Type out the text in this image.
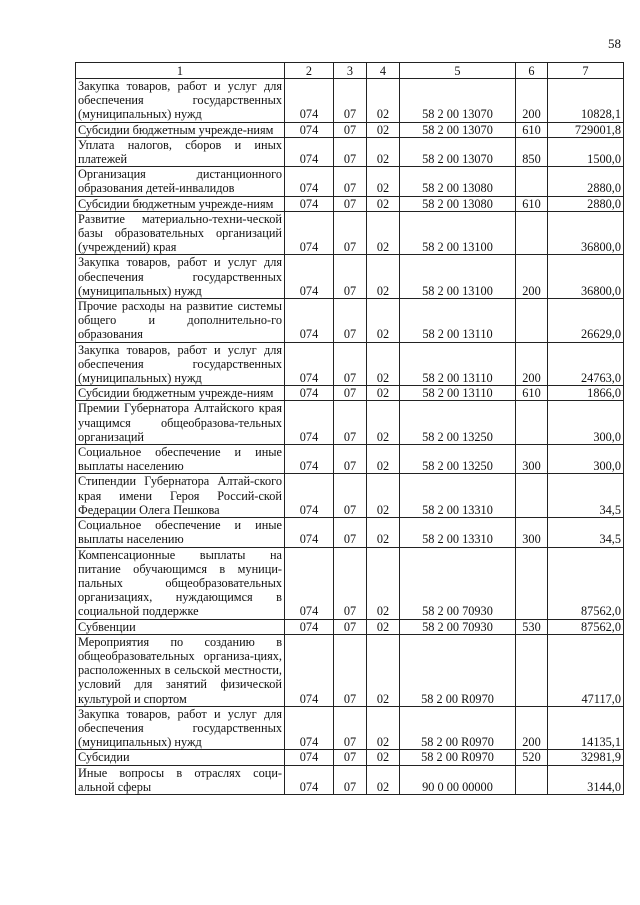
58
1	2	3	4	5	6	7
Закупка товаров, работ и услуг для обеспечения государственных (муниципальных) нужд	074	07	02	58 2 00 13070	200	10828,1
Субсидии бюджетным учрежде-ниям	074	07	02	58 2 00 13070	610	729001,8
Уплата налогов, сборов и иных платежей	074	07	02	58 2 00 13070	850	1500,0
Организация дистанционного образования детей-инвалидов	074	07	02	58 2 00 13080		2880,0
Субсидии бюджетным учрежде-ниям	074	07	02	58 2 00 13080	610	2880,0
Развитие материально-техни-ческой базы образовательных организаций (учреждений) края	074	07	02	58 2 00 13100		36800,0
Закупка товаров, работ и услуг для обеспечения государственных (муниципальных) нужд	074	07	02	58 2 00 13100	200	36800,0
Прочие расходы на развитие системы общего и дополнительно-го образования	074	07	02	58 2 00 13110		26629,0
Закупка товаров, работ и услуг для обеспечения государственных (муниципальных) нужд	074	07	02	58 2 00 13110	200	24763,0
Субсидии бюджетным учрежде-ниям	074	07	02	58 2 00 13110	610	1866,0
Премии Губернатора Алтайского края учащимся общеобразова-тельных организаций	074	07	02	58 2 00 13250		300,0
Социальное обеспечение и иные выплаты населению	074	07	02	58 2 00 13250	300	300,0
Стипендии Губернатора Алтай-ского края имени Героя Россий-ской Федерации Олега Пешкова	074	07	02	58 2 00 13310		34,5
Социальное обеспечение и иные выплаты населению	074	07	02	58 2 00 13310	300	34,5
Компенсационные выплаты на питание обучающимся в муници-пальных общеобразовательных организациях, нуждающимся в социальной поддержке	074	07	02	58 2 00 70930		87562,0
Субвенции	074	07	02	58 2 00 70930	530	87562,0
Мероприятия по созданию в общеобразовательных организа-циях, расположенных в сельской местности, условий для занятий физической культурой и спортом	074	07	02	58 2 00 R0970		47117,0
Закупка товаров, работ и услуг для обеспечения государственных (муниципальных) нужд	074	07	02	58 2 00 R0970	200	14135,1
Субсидии	074	07	02	58 2 00 R0970	520	32981,9
Иные вопросы в отраслях соци-альной сферы	074	07	02	90 0 00 00000		3144,0
